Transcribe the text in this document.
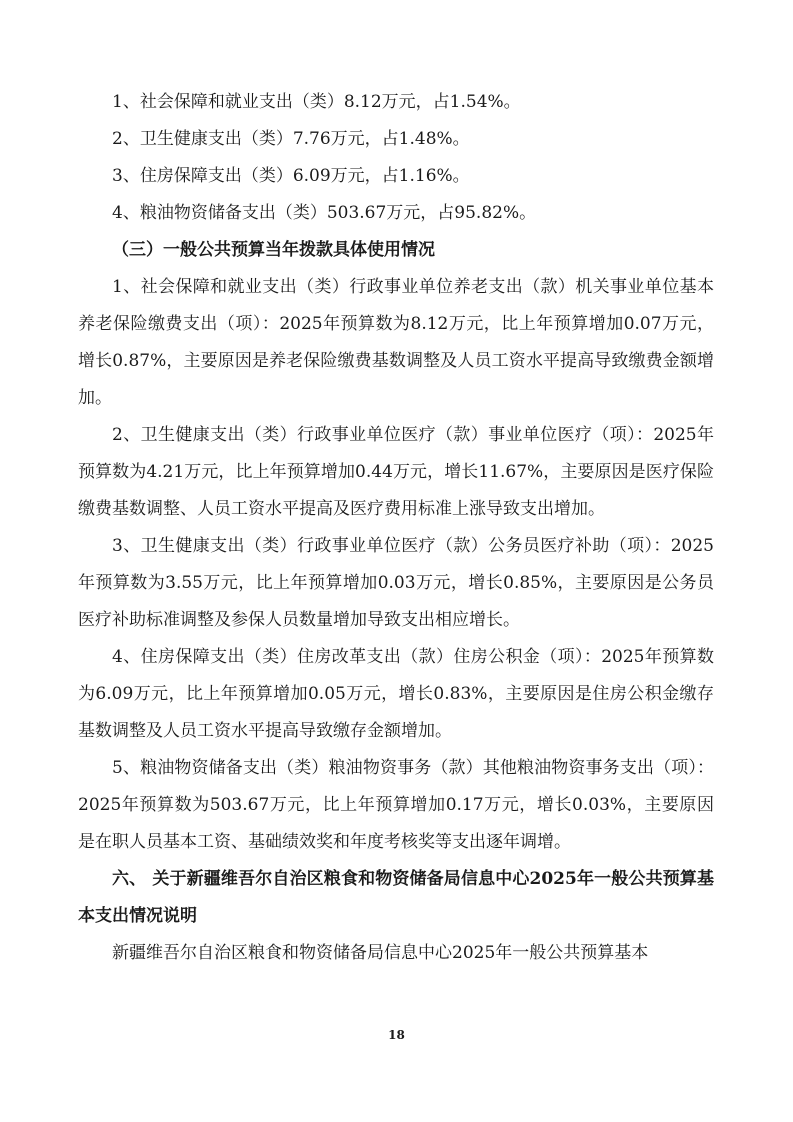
1、社会保障和就业支出（类）8.12万元，占1.54%。

2、卫生健康支出（类）7.76万元，占1.48%。

3、住房保障支出（类）6.09万元，占1.16%。

4、粮油物资储备支出（类）503.67万元，占95.82%。

（三）一般公共预算当年拨款具体使用情况

1、社会保障和就业支出（类）行政事业单位养老支出（款）机关事业单位基本养老保险缴费支出（项）：2025年预算数为8.12万元，比上年预算增加0.07万元，增长0.87%，主要原因是养老保险缴费基数调整及人员工资水平提高导致缴费金额增加。

2、卫生健康支出（类）行政事业单位医疗（款）事业单位医疗（项）：2025年预算数为4.21万元，比上年预算增加0.44万元，增长11.67%，主要原因是医疗保险缴费基数调整、人员工资水平提高及医疗费用标准上涨导致支出增加。

3、卫生健康支出（类）行政事业单位医疗（款）公务员医疗补助（项）：2025年预算数为3.55万元，比上年预算增加0.03万元，增长0.85%，主要原因是公务员医疗补助标准调整及参保人员数量增加导致支出相应增长。

4、住房保障支出（类）住房改革支出（款）住房公积金（项）：2025年预算数为6.09万元，比上年预算增加0.05万元，增长0.83%，主要原因是住房公积金缴存基数调整及人员工资水平提高导致缴存金额增加。

5、粮油物资储备支出（类）粮油物资事务（款）其他粮油物资事务支出（项）：2025年预算数为503.67万元，比上年预算增加0.17万元，增长0.03%，主要原因是在职人员基本工资、基础绩效奖和年度考核奖等支出逐年调增。

六、 关于新疆维吾尔自治区粮食和物资储备局信息中心2025年一般公共预算基本支出情况说明

新疆维吾尔自治区粮食和物资储备局信息中心2025年一般公共预算基本

18
